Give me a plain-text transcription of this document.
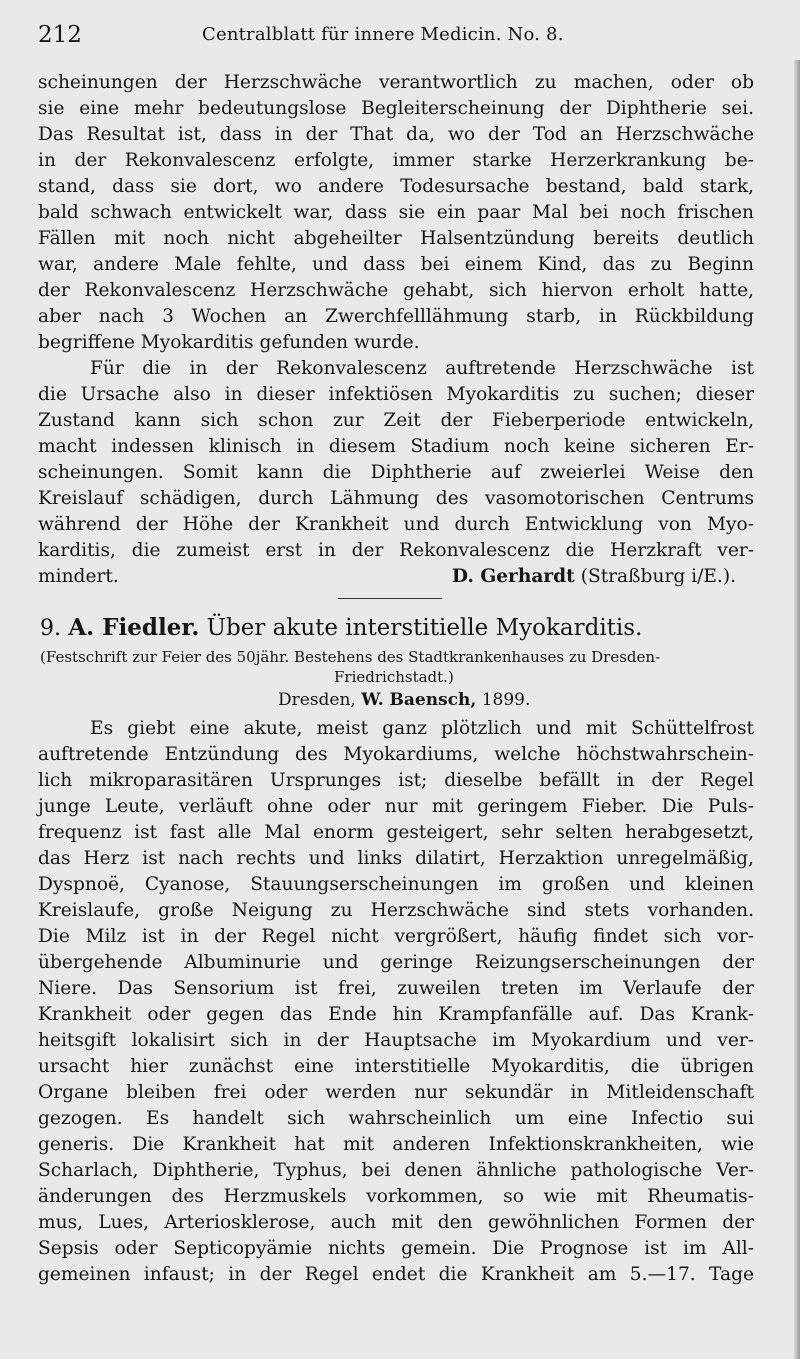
212	Centralblatt für innere Medicin. No. 8.
scheinungen der Herzschwäche verantwortlich zu machen, oder ob
sie eine mehr bedeutungslose Begleiterscheinung der Diphtherie sei.
Das Resultat ist, dass in der That da, wo der Tod an Herzschwäche
in der Rekonvalescenz erfolgte, immer starke Herzerkrankung be-
stand, dass sie dort, wo andere Todesursache bestand, bald stark,
bald schwach entwickelt war, dass sie ein paar Mal bei noch frischen
Fällen mit noch nicht abgeheilter Halsentzündung bereits deutlich
war, andere Male fehlte, und dass bei einem Kind, das zu Beginn
der Rekonvalescenz Herzschwäche gehabt, sich hiervon erholt hatte,
aber nach 3 Wochen an Zwerchfelllähmung starb, in Rückbildung
begriffene Myokarditis gefunden wurde.
Für die in der Rekonvalescenz auftretende Herzschwäche ist
die Ursache also in dieser infektiösen Myokarditis zu suchen; dieser
Zustand kann sich schon zur Zeit der Fieberperiode entwickeln,
macht indessen klinisch in diesem Stadium noch keine sicheren Er-
scheinungen. Somit kann die Diphtherie auf zweierlei Weise den
Kreislauf schädigen, durch Lähmung des vasomotorischen Centrums
während der Höhe der Krankheit und durch Entwicklung von Myo-
karditis, die zumeist erst in der Rekonvalescenz die Herzkraft ver-
mindert.	D. Gerhardt (Straßburg i/E.).
9. A. Fiedler. Über akute interstitielle Myokarditis.
(Festschrift zur Feier des 50jähr. Bestehens des Stadtkrankenhauses zu Dresden-
Friedrichstadt.)
Dresden, W. Baensch, 1899.
Es giebt eine akute, meist ganz plötzlich und mit Schüttelfrost
auftretende Entzündung des Myokardiums, welche höchstwahrschein-
lich mikroparasitären Ursprunges ist; dieselbe befällt in der Regel
junge Leute, verläuft ohne oder nur mit geringem Fieber. Die Puls-
frequenz ist fast alle Mal enorm gesteigert, sehr selten herabgesetzt,
das Herz ist nach rechts und links dilatirt, Herzaktion unregelmäßig,
Dyspnoë, Cyanose, Stauungserscheinungen im großen und kleinen
Kreislaufe, große Neigung zu Herzschwäche sind stets vorhanden.
Die Milz ist in der Regel nicht vergrößert, häufig findet sich vor-
übergehende Albuminurie und geringe Reizungserscheinungen der
Niere. Das Sensorium ist frei, zuweilen treten im Verlaufe der
Krankheit oder gegen das Ende hin Krampfanfälle auf. Das Krank-
heitsgift lokalisirt sich in der Hauptsache im Myokardium und ver-
ursacht hier zunächst eine interstitielle Myokarditis, die übrigen
Organe bleiben frei oder werden nur sekundär in Mitleidenschaft
gezogen. Es handelt sich wahrscheinlich um eine Infectio sui
generis. Die Krankheit hat mit anderen Infektionskrankheiten, wie
Scharlach, Diphtherie, Typhus, bei denen ähnliche pathologische Ver-
änderungen des Herzmuskels vorkommen, so wie mit Rheumatis-
mus, Lues, Arteriosklerose, auch mit den gewöhnlichen Formen der
Sepsis oder Septicopyämie nichts gemein. Die Prognose ist im All-
gemeinen infaust; in der Regel endet die Krankheit am 5.—17. Tage
